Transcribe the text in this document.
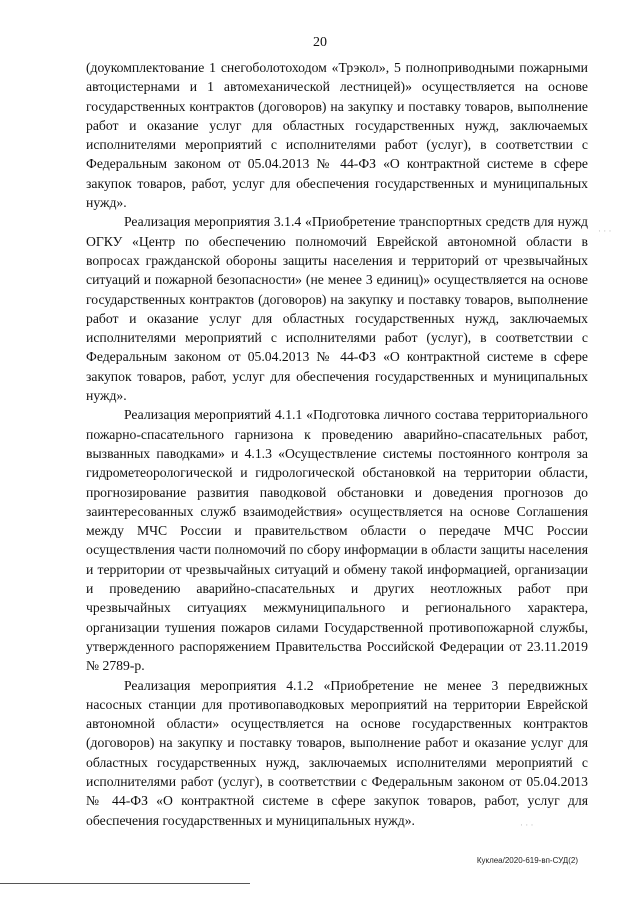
20

(доукомплектование 1 снегоболотоходом «Трэкол», 5 полноприводными пожарными автоцистернами и 1 автомеханической лестницей)» осуществляется на основе государственных контрактов (договоров) на закупку и поставку товаров, выполнение работ и оказание услуг для областных государственных нужд, заключаемых исполнителями мероприятий с исполнителями работ (услуг), в соответствии с Федеральным законом от 05.04.2013 № 44-ФЗ «О контрактной системе в сфере закупок товаров, работ, услуг для обеспечения государственных и муниципальных нужд».

Реализация мероприятия 3.1.4 «Приобретение транспортных средств для нужд ОГКУ «Центр по обеспечению полномочий Еврейской автономной области в вопросах гражданской обороны защиты населения и территорий от чрезвычайных ситуаций и пожарной безопасности» (не менее 3 единиц)» осуществляется на основе государственных контрактов (договоров) на закупку и поставку товаров, выполнение работ и оказание услуг для областных государственных нужд, заключаемых исполнителями мероприятий с исполнителями работ (услуг), в соответствии с Федеральным законом от 05.04.2013 № 44-ФЗ «О контрактной системе в сфере закупок товаров, работ, услуг для обеспечения государственных и муниципальных нужд».

Реализация мероприятий 4.1.1 «Подготовка личного состава территориального пожарно-спасательного гарнизона к проведению аварийно-спасательных работ, вызванных паводками» и 4.1.3 «Осуществление системы постоянного контроля за гидрометеорологической и гидрологической обстановкой на территории области, прогнозирование развития паводковой обстановки и доведения прогнозов до заинтересованных служб взаимодействия» осуществляется на основе Соглашения между МЧС России и правительством области о передаче МЧС России осуществления части полномочий по сбору информации в области защиты населения и территории от чрезвычайных ситуаций и обмену такой информацией, организации и проведению аварийно-спасательных и других неотложных работ при чрезвычайных ситуациях межмуниципального и регионального характера, организации тушения пожаров силами Государственной противопожарной службы, утвержденного распоряжением Правительства Российской Федерации от 23.11.2019 № 2789-р.

Реализация мероприятия 4.1.2 «Приобретение не менее 3 передвижных насосных станции для противопаводковых мероприятий на территории Еврейской автономной области» осуществляется на основе государственных контрактов (договоров) на закупку и поставку товаров, выполнение работ и оказание услуг для областных государственных нужд, заключаемых исполнителями мероприятий с исполнителями работ (услуг), в соответствии с Федеральным законом от 05.04.2013 № 44-ФЗ «О контрактной системе в сфере закупок товаров, работ, услуг для обеспечения государственных и муниципальных нужд».

· · ·
· · ·
Куклеа/2020-619-вп-СУД(2)
